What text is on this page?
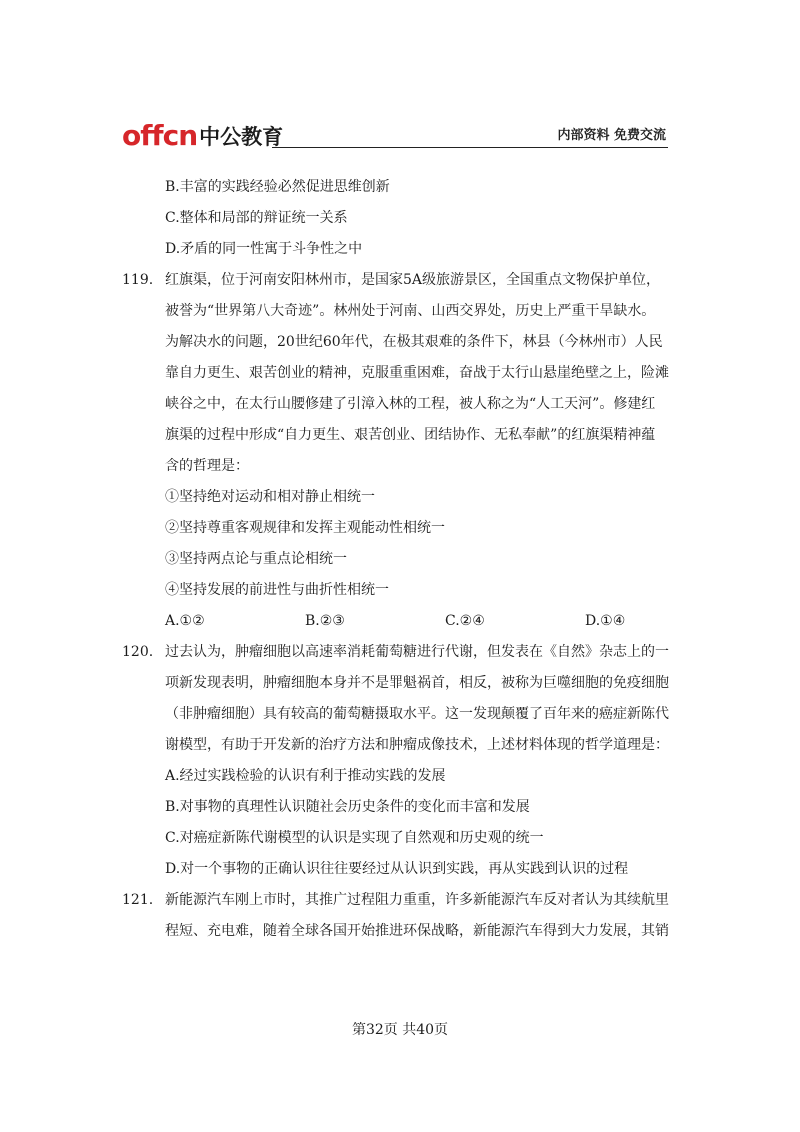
offcn 中公教育	内部资料 免费交流
B.丰富的实践经验必然促进思维创新
C.整体和局部的辩证统一关系
D.矛盾的同一性寓于斗争性之中
119. 红旗渠，位于河南安阳林州市，是国家5A级旅游景区，全国重点文物保护单位，
被誉为“世界第八大奇迹”。林州处于河南、山西交界处，历史上严重干旱缺水。
为解决水的问题，20世纪60年代，在极其艰难的条件下，林县（今林州市）人民
靠自力更生、艰苦创业的精神，克服重重困难，奋战于太行山悬崖绝壁之上，险滩
峡谷之中，在太行山腰修建了引漳入林的工程，被人称之为“人工天河”。修建红
旗渠的过程中形成“自力更生、艰苦创业、团结协作、无私奉献”的红旗渠精神蕴
含的哲理是：
①坚持绝对运动和相对静止相统一
②坚持尊重客观规律和发挥主观能动性相统一
③坚持两点论与重点论相统一
④坚持发展的前进性与曲折性相统一
A.①②	B.②③	C.②④	D.①④
120. 过去认为，肿瘤细胞以高速率消耗葡萄糖进行代谢，但发表在《自然》杂志上的一
项新发现表明，肿瘤细胞本身并不是罪魁祸首，相反，被称为巨噬细胞的免疫细胞
（非肿瘤细胞）具有较高的葡萄糖摄取水平。这一发现颠覆了百年来的癌症新陈代
谢模型，有助于开发新的治疗方法和肿瘤成像技术，上述材料体现的哲学道理是：
A.经过实践检验的认识有利于推动实践的发展
B.对事物的真理性认识随社会历史条件的变化而丰富和发展
C.对癌症新陈代谢模型的认识是实现了自然观和历史观的统一
D.对一个事物的正确认识往往要经过从认识到实践，再从实践到认识的过程
121. 新能源汽车刚上市时，其推广过程阻力重重，许多新能源汽车反对者认为其续航里
程短、充电难，随着全球各国开始推进环保战略，新能源汽车得到大力发展，其销
第32页 共40页
